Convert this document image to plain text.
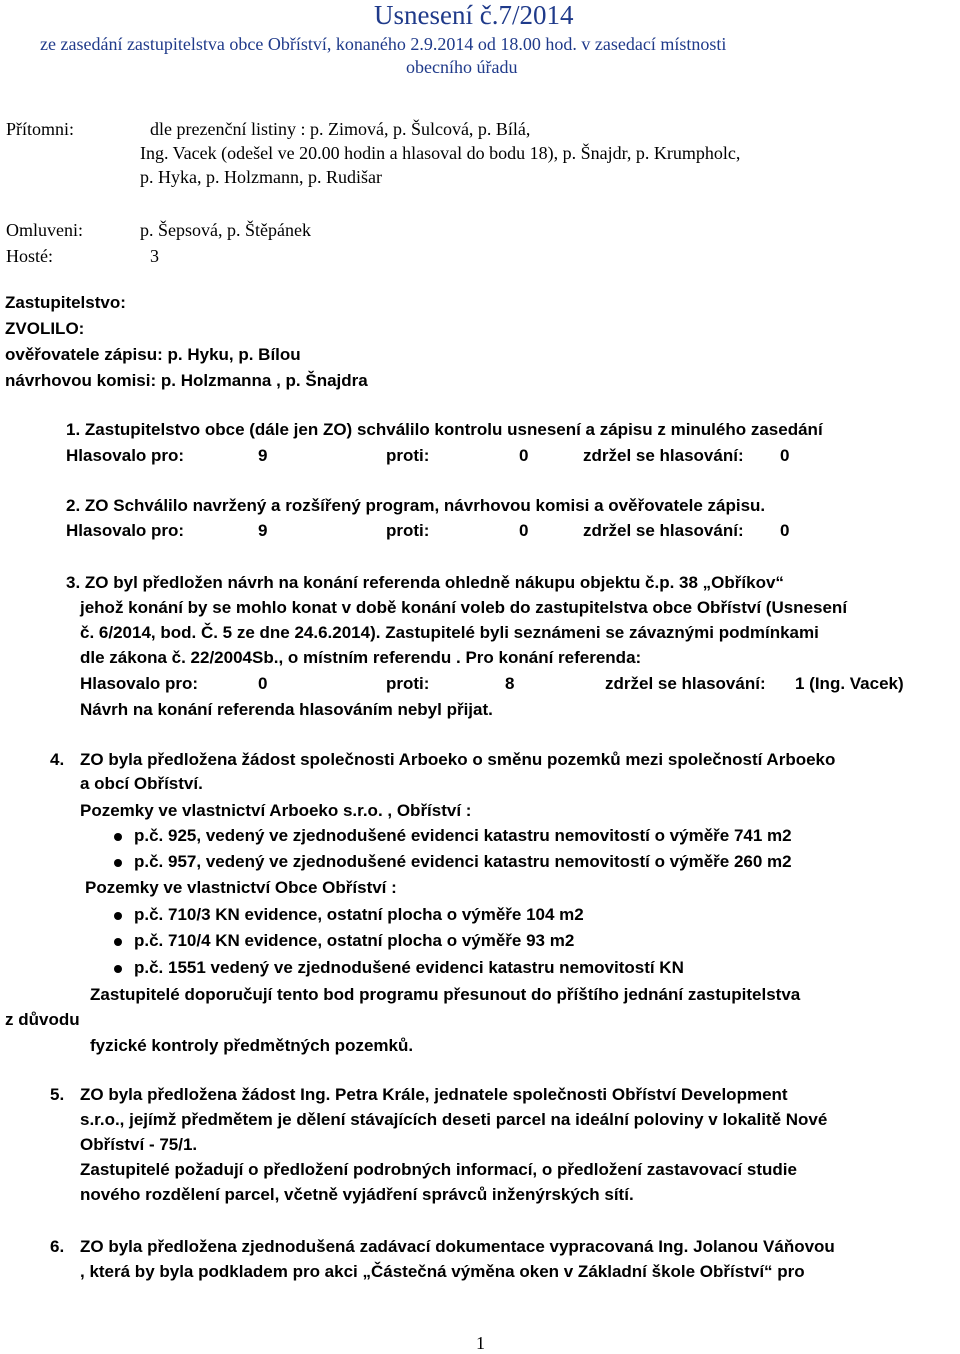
Usnesení č.7/2014
ze zasedání zastupitelstva obce Obříství, konaného 2.9.2014 od 18.00 hod. v zasedací místnosti
obecního úřadu
Přítomni:	dle prezenční listiny : p. Zimová, p. Šulcová, p. Bílá,
Ing. Vacek (odešel ve 20.00 hodin a hlasoval do bodu 18), p. Šnajdr, p. Krumpholc,
p. Hyka, p. Holzmann, p. Rudišar
Omluveni:	p. Šepsová, p. Štěpánek
Hosté:	3
Zastupitelstvo:
ZVOLILO:
ověřovatele zápisu: p. Hyku, p. Bílou
návrhovou komisi: p. Holzmanna , p. Šnajdra
1. Zastupitelstvo obce (dále jen ZO) schválilo kontrolu usnesení a zápisu z minulého zasedání
Hlasovalo pro:	9	proti:	0	zdržel se hlasování: 0
2. ZO Schválilo navržený a rozšířený program, návrhovou komisi a ověřovatele zápisu.
Hlasovalo pro:	9	proti:	0	zdržel se hlasování: 0
3. ZO byl předložen návrh na konání referenda ohledně nákupu objektu č.p. 38 „Obříkov“
jehož konání by se mohlo konat v době konání voleb do zastupitelstva obce Obříství (Usnesení
č. 6/2014, bod. Č. 5 ze dne 24.6.2014). Zastupitelé byli seznámeni se závaznými podmínkami
dle zákona č. 22/2004Sb., o místním referendu . Pro konání referenda:
Hlasovalo pro:	0	proti:	8	zdržel se hlasování: 1 (Ing. Vacek)
Návrh na konání referenda hlasováním nebyl přijat.
4. ZO byla předložena žádost společnosti Arboeko o směnu pozemků mezi společností Arboeko
a obcí Obříství.
Pozemky ve vlastnictví Arboeko s.r.o. , Obříství :
p.č. 925, vedený ve zjednodušené evidenci katastru nemovitostí o výměře 741 m2
p.č. 957, vedený ve zjednodušené evidenci katastru nemovitostí o výměře 260 m2
Pozemky ve vlastnictví Obce Obříství :
p.č. 710/3 KN evidence, ostatní plocha o výměře 104 m2
p.č. 710/4 KN evidence, ostatní plocha o výměře 93 m2
p.č. 1551 vedený ve zjednodušené evidenci katastru nemovitostí KN
Zastupitelé doporučují tento bod programu přesunout do příštího jednání zastupitelstva
z důvodu
fyzické kontroly předmětných pozemků.
5. ZO byla předložena žádost Ing. Petra Krále, jednatele společnosti Obříství Development
s.r.o., jejímž předmětem je dělení stávajících deseti parcel na ideální poloviny v lokalitě Nové
Obříství - 75/1.
Zastupitelé požadují o předložení podrobných informací, o předložení zastavovací studie
nového rozdělení parcel, včetně vyjádření správců inženýrských sítí.
6. ZO byla předložena zjednodušená zadávací dokumentace vypracovaná Ing. Jolanou Váňovou
, která by byla podkladem pro akci „Částečná výměna oken v Základní škole Obříství“ pro
1
